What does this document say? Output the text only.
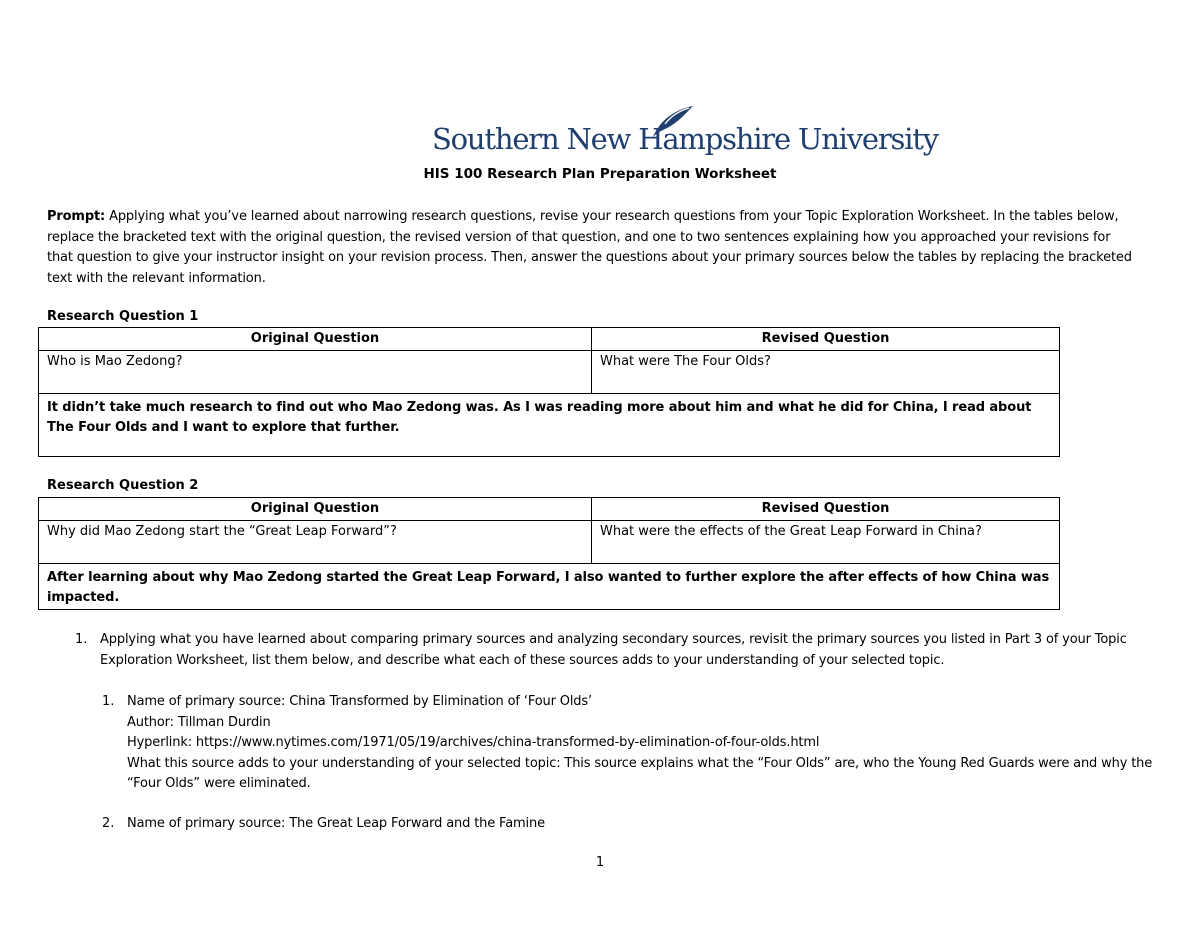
Southern New Hampshire University
HIS 100 Research Plan Preparation Worksheet
Prompt: Applying what you’ve learned about narrowing research questions, revise your research questions from your Topic Exploration Worksheet. In the tables below, replace the bracketed text with the original question, the revised version of that question, and one to two sentences explaining how you approached your revisions for that question to give your instructor insight on your revision process. Then, answer the questions about your primary sources below the tables by replacing the bracketed text with the relevant information.
Research Question 1
Original Question	Revised Question
Who is Mao Zedong?	What were The Four Olds?
It didn’t take much research to find out who Mao Zedong was. As I was reading more about him and what he did for China, I read about The Four Olds and I want to explore that further.	
Research Question 2
Original Question	Revised Question
Why did Mao Zedong start the “Great Leap Forward”?	What were the effects of the Great Leap Forward in China?
After learning about why Mao Zedong started the Great Leap Forward, I also wanted to further explore the after effects of how China was impacted.	
1. Applying what you have learned about comparing primary sources and analyzing secondary sources, revisit the primary sources you listed in Part 3 of your Topic Exploration Worksheet, list them below, and describe what each of these sources adds to your understanding of your selected topic.
1. Name of primary source: China Transformed by Elimination of ‘Four Olds’
Author: Tillman Durdin
Hyperlink: https://www.nytimes.com/1971/05/19/archives/china-transformed-by-elimination-of-four-olds.html
What this source adds to your understanding of your selected topic: This source explains what the “Four Olds” are, who the Young Red Guards were and why the “Four Olds” were eliminated.
2. Name of primary source: The Great Leap Forward and the Famine
1
